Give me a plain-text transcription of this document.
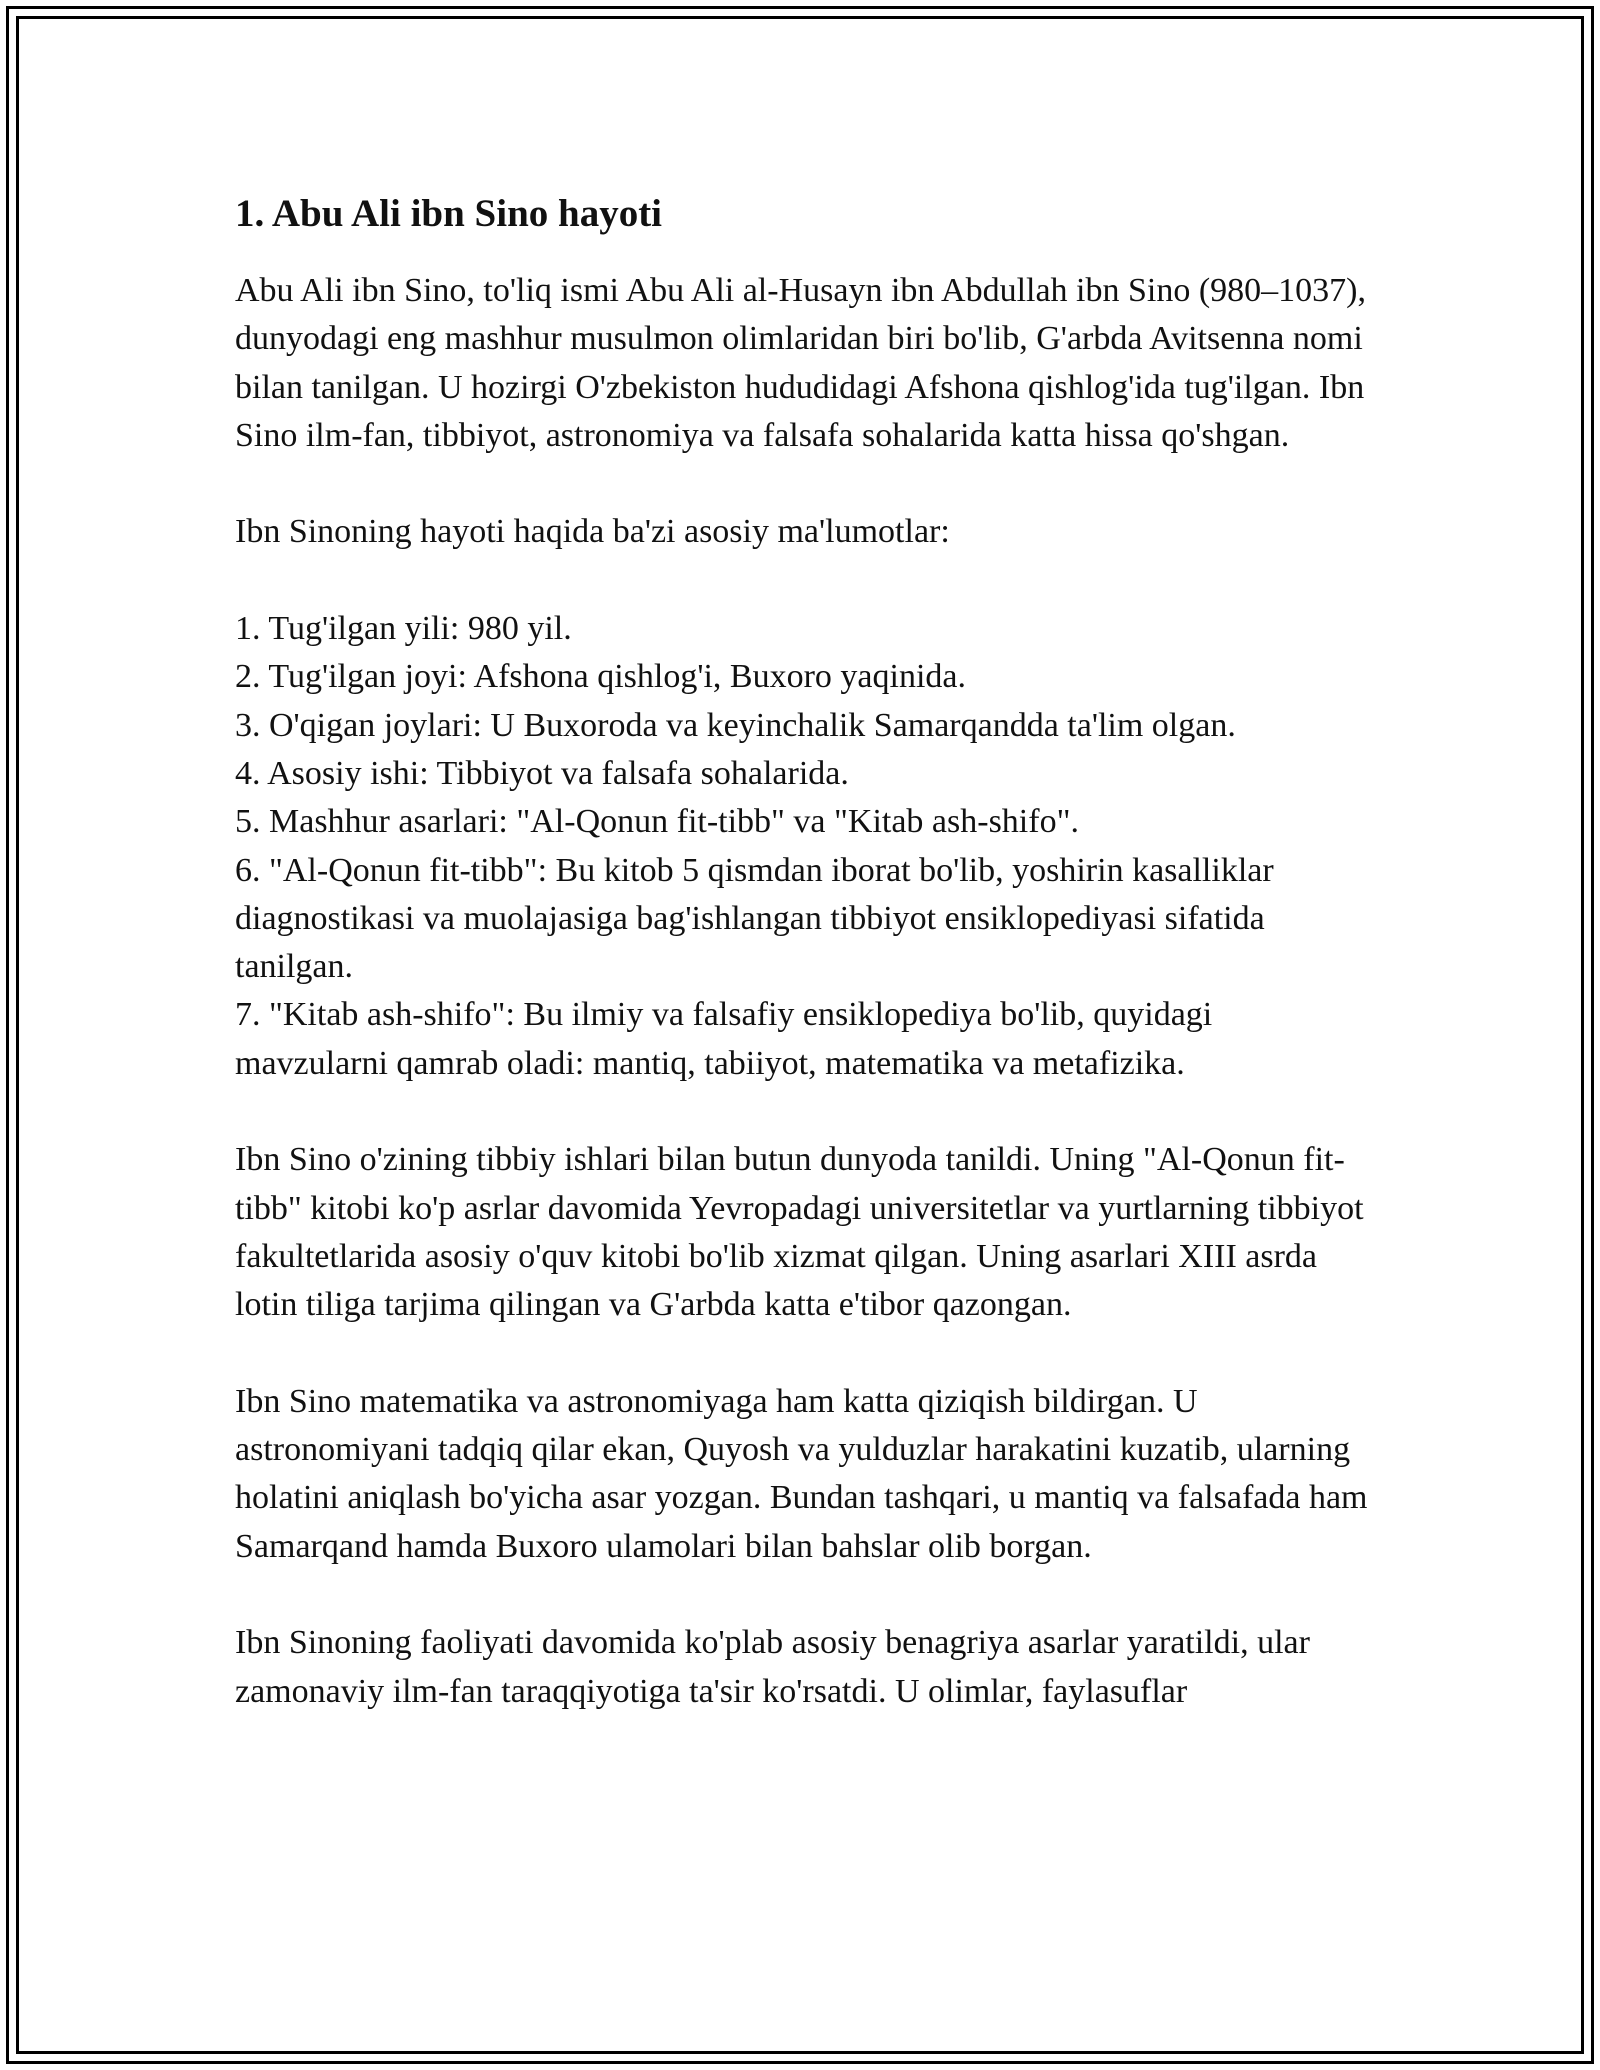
1. Abu Ali ibn Sino hayoti

Abu Ali ibn Sino, to'liq ismi Abu Ali al-Husayn ibn Abdullah ibn Sino (980–1037), dunyodagi eng mashhur musulmon olimlaridan biri bo'lib, G'arbda Avitsenna nomi bilan tanilgan. U hozirgi O'zbekiston hududidagi Afshona qishlog'ida tug'ilgan. Ibn Sino ilm-fan, tibbiyot, astronomiya va falsafa sohalarida katta hissa qo'shgan.

Ibn Sinoning hayoti haqida ba'zi asosiy ma'lumotlar:

1. Tug'ilgan yili: 980 yil.
2. Tug'ilgan joyi: Afshona qishlog'i, Buxoro yaqinida.
3. O'qigan joylari: U Buxoroda va keyinchalik Samarqandda ta'lim olgan.
4. Asosiy ishi: Tibbiyot va falsafa sohalarida.
5. Mashhur asarlari: "Al-Qonun fit-tibb" va "Kitab ash-shifo".
6. "Al-Qonun fit-tibb": Bu kitob 5 qismdan iborat bo'lib, yoshirin kasalliklar diagnostikasi va muolajasiga bag'ishlangan tibbiyot ensiklopediyasi sifatida tanilgan.
7. "Kitab ash-shifo": Bu ilmiy va falsafiy ensiklopediya bo'lib, quyidagi mavzularni qamrab oladi: mantiq, tabiiyot, matematika va metafizika.

Ibn Sino o'zining tibbiy ishlari bilan butun dunyoda tanildi. Uning "Al-Qonun fit-tibb" kitobi ko'p asrlar davomida Yevropadagi universitetlar va yurtlarning tibbiyot fakultetlarida asosiy o'quv kitobi bo'lib xizmat qilgan. Uning asarlari XIII asrda lotin tiliga tarjima qilingan va G'arbda katta e'tibor qazongan.

Ibn Sino matematika va astronomiyaga ham katta qiziqish bildirgan. U astronomiyani tadqiq qilar ekan, Quyosh va yulduzlar harakatini kuzatib, ularning holatini aniqlash bo'yicha asar yozgan. Bundan tashqari, u mantiq va falsafada ham Samarqand hamda Buxoro ulamolari bilan bahslar olib borgan.

Ibn Sinoning faoliyati davomida ko'plab asosiy benagriya asarlar yaratildi, ular zamonaviy ilm-fan taraqqiyotiga ta'sir ko'rsatdi. U olimlar, faylasuflar
